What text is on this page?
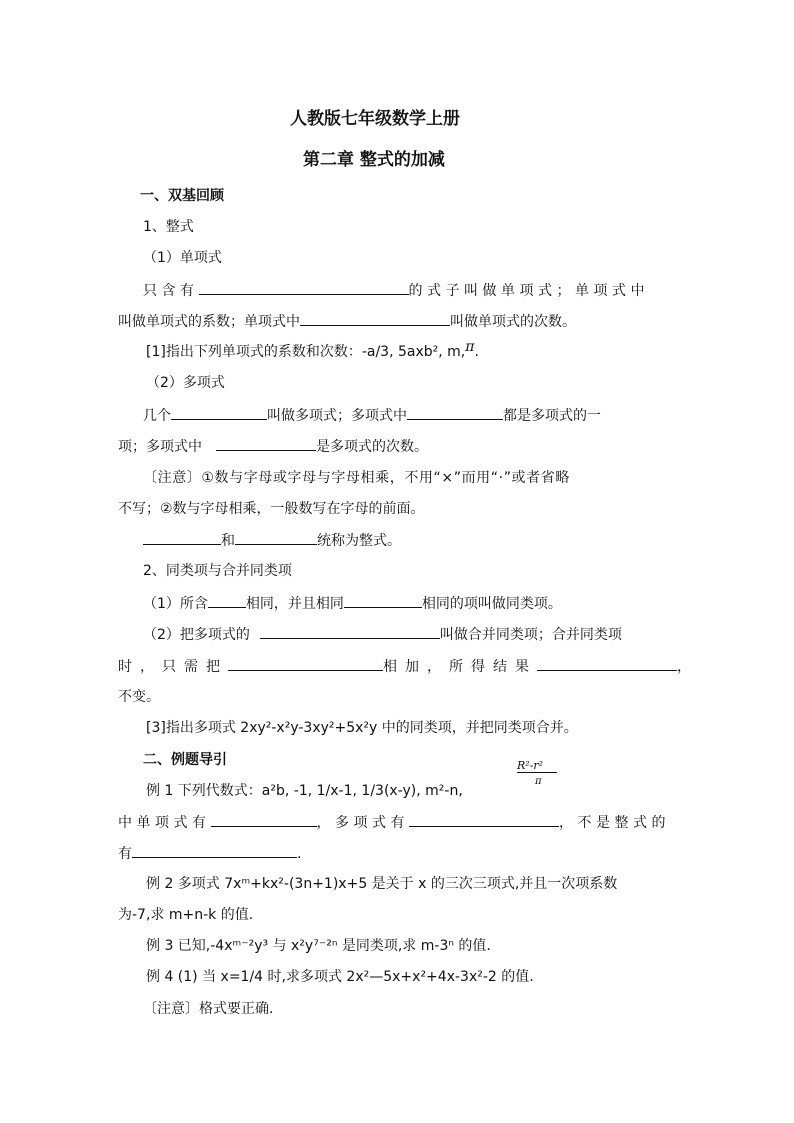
人教版七年级数学上册
第二章 整式的加减
一、双基回顾
1、整式
（1）单项式
只含有	的式子叫做单项式；单项式中
叫做单项式的系数；单项式中	叫做单项式的次数。
[1]指出下列单项式的系数和次数：-a/3, 5axb², m,π.
（2）多项式
几个	叫做多项式；多项式中	都是多项式的一
项；多项式中	是多项式的次数。
〔注意〕①数与字母或字母与字母相乘，不用“×”而用“·”或者省略
不写；②数与字母相乘，一般数写在字母的前面。
和	统称为整式。
2、同类项与合并同类项
（1）所含	相同，并且相同	相同的项叫做同类项。
（2）把多项式的	叫做合并同类项；合并同类项
时，只需把	相加，所得结果	，
不变。
[3]指出多项式 2xy²-x²y-3xy²+5x²y 中的同类项，并把同类项合并。
二、例题导引	R²-r²
例 1 下列代数式：a²b, -1, 1/x-1, 1/3(x-y), m²-n,
π
中单项式有	，多项式有	，不是整式的
有	.
例 2 多项式 7xᵐ+kx²-(3n+1)x+5 是关于 x 的三次三项式,并且一次项系数
为-7,求 m+n-k 的值.
例 3 已知,-4xᵐ⁻²y³ 与 x²y⁷⁻²ⁿ 是同类项,求 m-3ⁿ 的值.
例 4 (1) 当 x=1/4 时,求多项式 2x²—5x+x²+4x-3x²-2 的值.
〔注意〕格式要正确.
